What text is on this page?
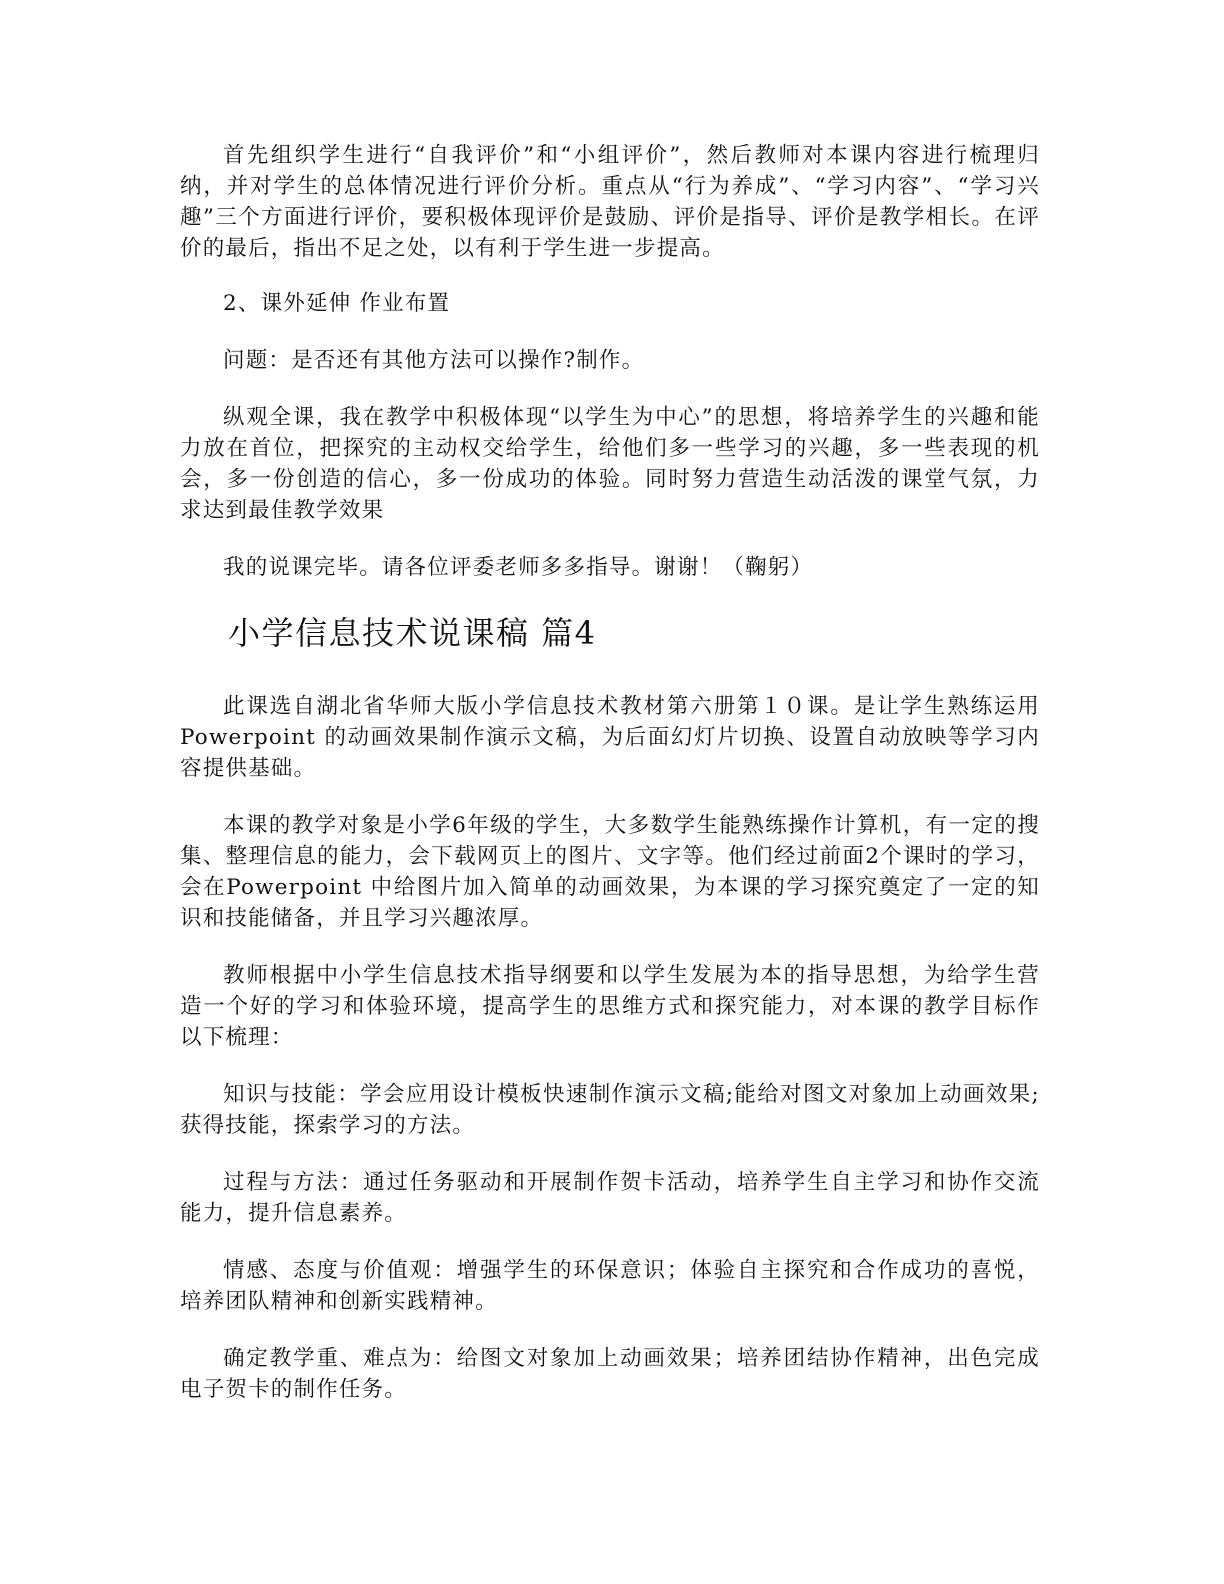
首先组织学生进行“自我评价”和“小组评价”，然后教师对本课内容进行梳理归纳，并对学生的总体情况进行评价分析。重点从“行为养成”、“学习内容”、“学习兴趣”三个方面进行评价，要积极体现评价是鼓励、评价是指导、评价是教学相长。在评价的最后，指出不足之处，以有利于学生进一步提高。

2、课外延伸 作业布置

问题：是否还有其他方法可以操作?制作。

纵观全课，我在教学中积极体现“以学生为中心”的思想，将培养学生的兴趣和能力放在首位，把探究的主动权交给学生，给他们多一些学习的兴趣，多一些表现的机会，多一份创造的信心，多一份成功的体验。同时努力营造生动活泼的课堂气氛，力求达到最佳教学效果

我的说课完毕。请各位评委老师多多指导。谢谢！（鞠躬）

小学信息技术说课稿 篇4

此课选自湖北省华师大版小学信息技术教材第六册第１０课。是让学生熟练运用 Powerpoint 的动画效果制作演示文稿，为后面幻灯片切换、设置自动放映等学习内容提供基础。

本课的教学对象是小学6年级的学生，大多数学生能熟练操作计算机，有一定的搜集、整理信息的能力，会下载网页上的图片、文字等。他们经过前面2个课时的学习，会在Powerpoint 中给图片加入简单的动画效果，为本课的学习探究奠定了一定的知识和技能储备，并且学习兴趣浓厚。

教师根据中小学生信息技术指导纲要和以学生发展为本的指导思想，为给学生营造一个好的学习和体验环境，提高学生的思维方式和探究能力，对本课的教学目标作以下梳理：

知识与技能：学会应用设计模板快速制作演示文稿;能给对图文对象加上动画效果;获得技能，探索学习的方法。

过程与方法：通过任务驱动和开展制作贺卡活动，培养学生自主学习和协作交流能力，提升信息素养。

情感、态度与价值观：增强学生的环保意识；体验自主探究和合作成功的喜悦，培养团队精神和创新实践精神。

确定教学重、难点为：给图文对象加上动画效果；培养团结协作精神，出色完成电子贺卡的制作任务。
